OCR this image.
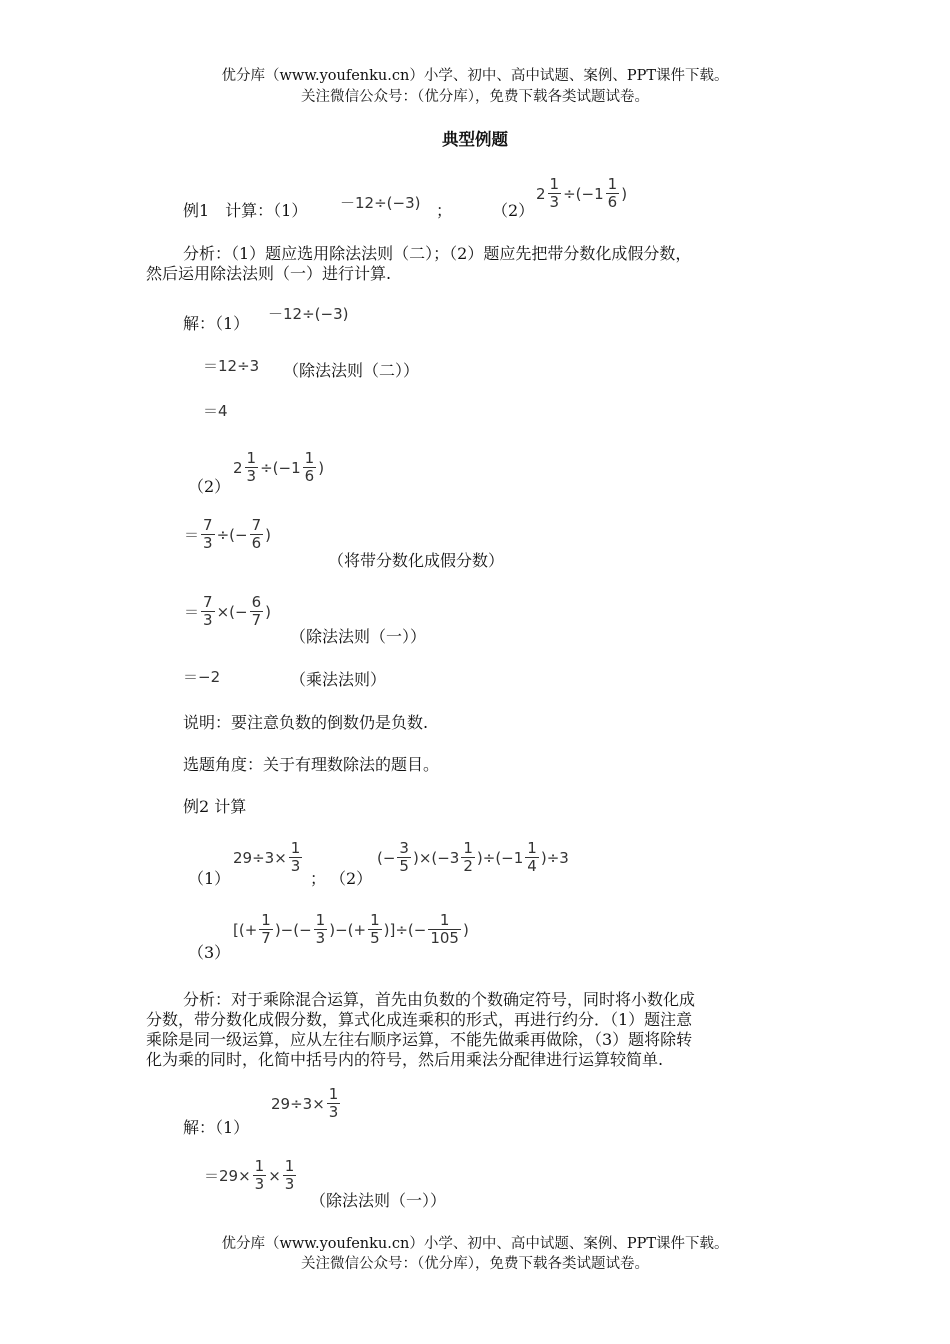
优分库（www.youfenku.cn）小学、初中、高中试题、案例、PPT课件下载。
关注微信公众号：（优分库），免费下载各类试题试卷。
典型例题
例1　计算：（1） －12÷(−3) ； （2）
$2 \frac{1}{3} \div(-1 \frac{1}{6}$ )
分析：（1）题应选用除法法则（二）；（2）题应先把带分数化成假分数，
然后运用除法法则（一）进行计算.
解：（1） －12÷(−3)
＝12÷3 （除法法则（二））
＝4
$2 \frac{1}{3} \div(-1 \frac{1}{6}$ )
（2）
＝ $\frac{7}{3}$ ÷(− $\frac{7}{6}$ )
（将带分数化成假分数）
＝ $\frac{7}{3}$ ×(− $\frac{6}{7}$ )
（除法法则（一））
＝−2	（乘法法则）
说明：要注意负数的倒数仍是负数.
选题角度：关于有理数除法的题目。
例2 计算
（1）
$29\div 3\times \frac{1}{3}$
； （2）
(− $\frac{3}{5} )\times(-3 \frac{1}{2} )\div(-1 \frac{1}{4} )\div 3$
（3）
[(+ $\frac{1}{7}$ )−(− $\frac{1}{3}$ )−(+ $\frac{1}{5}$ )]÷(− $\frac{1}{105}$ )
分析：对于乘除混合运算，首先由负数的个数确定符号，同时将小数化成
分数，带分数化成假分数，算式化成连乘积的形式，再进行约分．（1）题注意
乘除是同一级运算，应从左往右顺序运算，不能先做乘再做除，（3）题将除转
化为乘的同时，化简中括号内的符号，然后用乘法分配律进行运算较简单.
解：（1）
$29\div 3\times \frac{1}{3}$
$=29\times \frac{1}{3} \times \frac{1}{3}$
（除法法则（一））
优分库（www.youfenku.cn）小学、初中、高中试题、案例、PPT课件下载。
关注微信公众号：（优分库），免费下载各类试题试卷。
